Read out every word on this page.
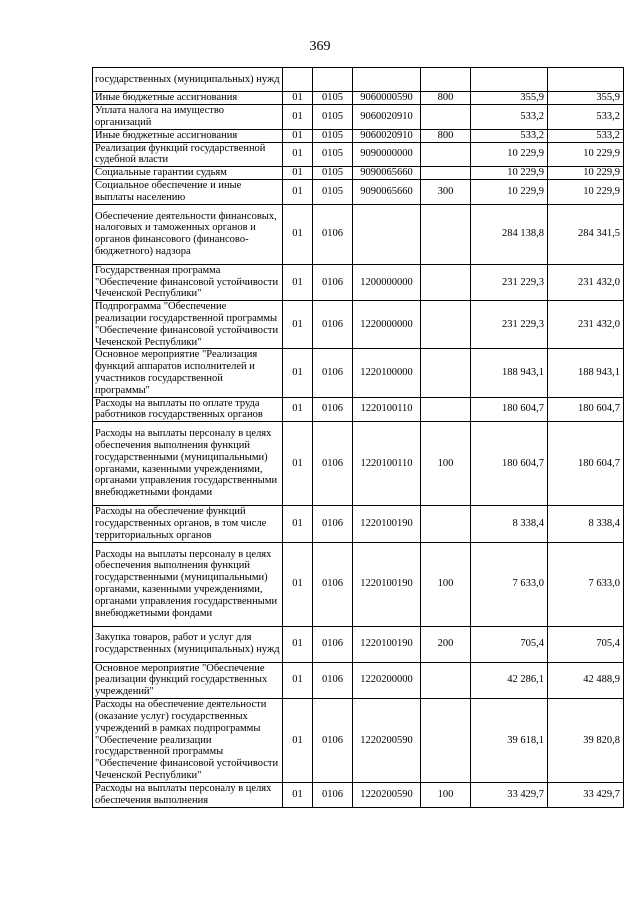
369
государственных (муниципальных) нужд						
Иные бюджетные ассигнования	01	0105	9060000590	800	355,9	355,9
Уплата налога на имущество организаций	01	0105	9060020910		533,2	533,2
Иные бюджетные ассигнования	01	0105	9060020910	800	533,2	533,2
Реализация функций государственной судебной власти	01	0105	9090000000		10 229,9	10 229,9
Социальные гарантии судьям	01	0105	9090065660		10 229,9	10 229,9
Социальное обеспечение и иные выплаты населению	01	0105	9090065660	300	10 229,9	10 229,9
Обеспечение деятельности финансовых, налоговых и таможенных органов и органов финансового (финансово-бюджетного) надзора	01	0106			284 138,8	284 341,5
Государственная программа "Обеспечение финансовой устойчивости Чеченской Республики"	01	0106	1200000000		231 229,3	231 432,0
Подпрограмма "Обеспечение реализации государственной программы "Обеспечение финансовой устойчивости Чеченской Республики"	01	0106	1220000000		231 229,3	231 432,0
Основное мероприятие "Реализация функций аппаратов исполнителей и участников государственной программы"	01	0106	1220100000		188 943,1	188 943,1
Расходы на выплаты по оплате труда работников государственных органов	01	0106	1220100110		180 604,7	180 604,7
Расходы на выплаты персоналу в целях обеспечения выполнения функций государственными (муниципальными) органами, казенными учреждениями, органами управления государственными внебюджетными фондами	01	0106	1220100110	100	180 604,7	180 604,7
Расходы на обеспечение функций государственных органов, в том числе территориальных органов	01	0106	1220100190		8 338,4	8 338,4
Расходы на выплаты персоналу в целях обеспечения выполнения функций государственными (муниципальными) органами, казенными учреждениями, органами управления государственными внебюджетными фондами	01	0106	1220100190	100	7 633,0	7 633,0
Закупка товаров, работ и услуг для государственных (муниципальных) нужд	01	0106	1220100190	200	705,4	705,4
Основное мероприятие "Обеспечение реализации функций государственных учреждений"	01	0106	1220200000		42 286,1	42 488,9
Расходы на обеспечение деятельности (оказание услуг) государственных учреждений в рамках подпрограммы "Обеспечение реализации государственной программы "Обеспечение финансовой устойчивости Чеченской Республики"	01	0106	1220200590		39 618,1	39 820,8
Расходы на выплаты персоналу в целях обеспечения выполнения	01	0106	1220200590	100	33 429,7	33 429,7
